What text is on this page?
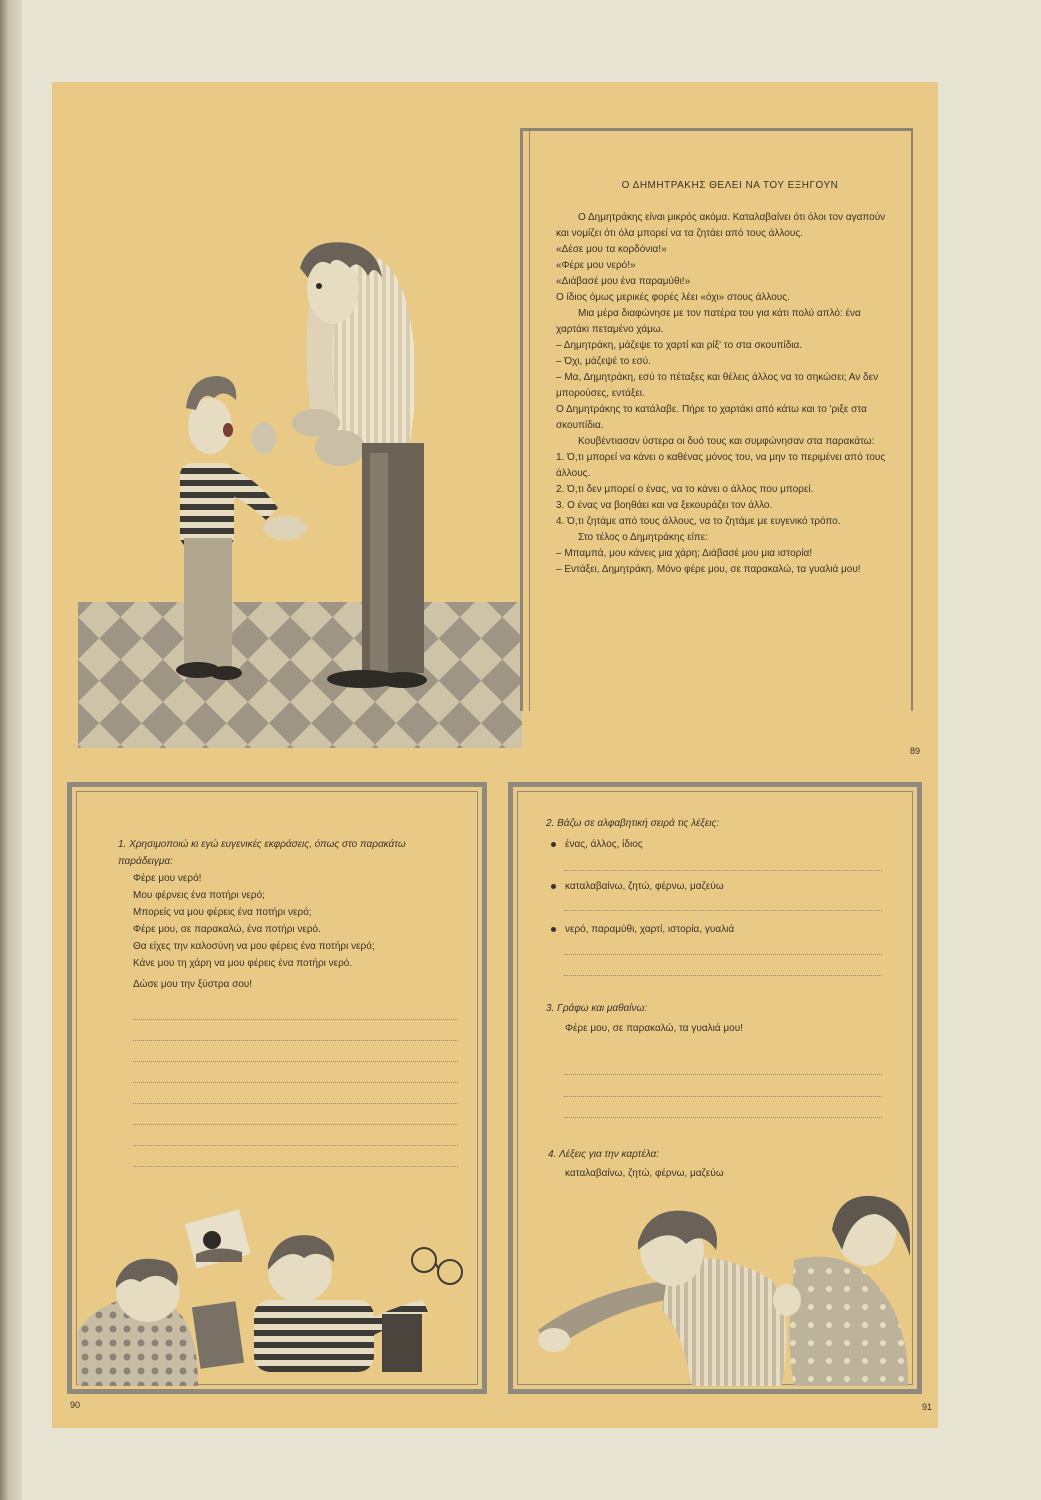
Ο ΔΗΜΗΤΡΑΚΗΣ ΘΕΛΕΙ ΝΑ ΤΟΥ ΕΞΗΓΟΥΝ

Ο Δημητράκης είναι μικρός ακόμα. Καταλαβαίνει ότι όλοι τον αγαπούν και νομίζει ότι όλα μπορεί να τα ζητάει από τους άλλους.

«Δέσε μου τα κορδόνια!»

«Φέρε μου νερό!»

«Διάβασέ μου ένα παραμύθι!»

Ο ίδιος όμως μερικές φορές λέει «όχι» στους άλλους.

Μια μέρα διαφώνησε με τον πατέρα του για κάτι πολύ απλό: ένα χαρτάκι πεταμένο χάμω.

– Δημητράκη, μάζεψε το χαρτί και ρίξ' το στα σκουπίδια.

– Όχι, μάζεψέ το εσύ.

– Μα, Δημητράκη, εσύ το πέταξες και θέλεις άλλος να το σηκώσει; Αν δεν μπορούσες, εντάξει.

Ο Δημητράκης το κατάλαβε. Πήρε το χαρτάκι από κάτω και το 'ριξε στα σκουπίδια.

Κουβέντιασαν ύστερα οι δυό τους και συμφώνησαν στα παρακάτω:

1. Ό,τι μπορεί να κάνει ο καθένας μόνος του, να μην το περιμένει από τους άλλους.

2. Ό,τι δεν μπορεί ο ένας, να το κάνει ο άλλος που μπορεί.

3. Ο ένας να βοηθάει και να ξεκουράζει τον άλλο.

4. Ό,τι ζητάμε από τους άλλους, να το ζητάμε με ευγενικό τρόπο.

Στο τέλος ο Δημητράκης είπε:

– Μπαμπά, μου κάνεις μια χάρη; Διάβασέ μου μια ιστορία!

– Εντάξει, Δημητράκη. Μόνο φέρε μου, σε παρακαλώ, τα γυαλιά μου!

89
1. Χρησιμοποιώ κι εγώ ευγενικές εκφράσεις, όπως στο παρακάτω παράδειγμα:
Φέρε μου νερό!
Μου φέρνεις ένα ποτήρι νερό;
Μπορείς να μου φέρεις ένα ποτήρι νερό;
Φέρε μου, σε παρακαλώ, ένα ποτήρι νερό.
Θα είχες την καλοσύνη να μου φέρεις ένα ποτήρι νερό;
Κάνε μου τη χάρη να μου φέρεις ένα ποτήρι νερό.
Δώσε μου την ξύστρα σου!
90
2. Βάζω σε αλφαβητική σειρά τις λέξεις:
ένας, άλλος, ίδιος
καταλαβαίνω, ζητώ, φέρνω, μαζεύω
νερό, παραμύθι, χαρτί, ιστορία, γυαλιά
3. Γράφω και μαθαίνω:
Φέρε μου, σε παρακαλώ, τα γυαλιά μου!
4. Λέξεις για την καρτέλα:
καταλαβαίνω, ζητώ, φέρνω, μαζεύω
91
